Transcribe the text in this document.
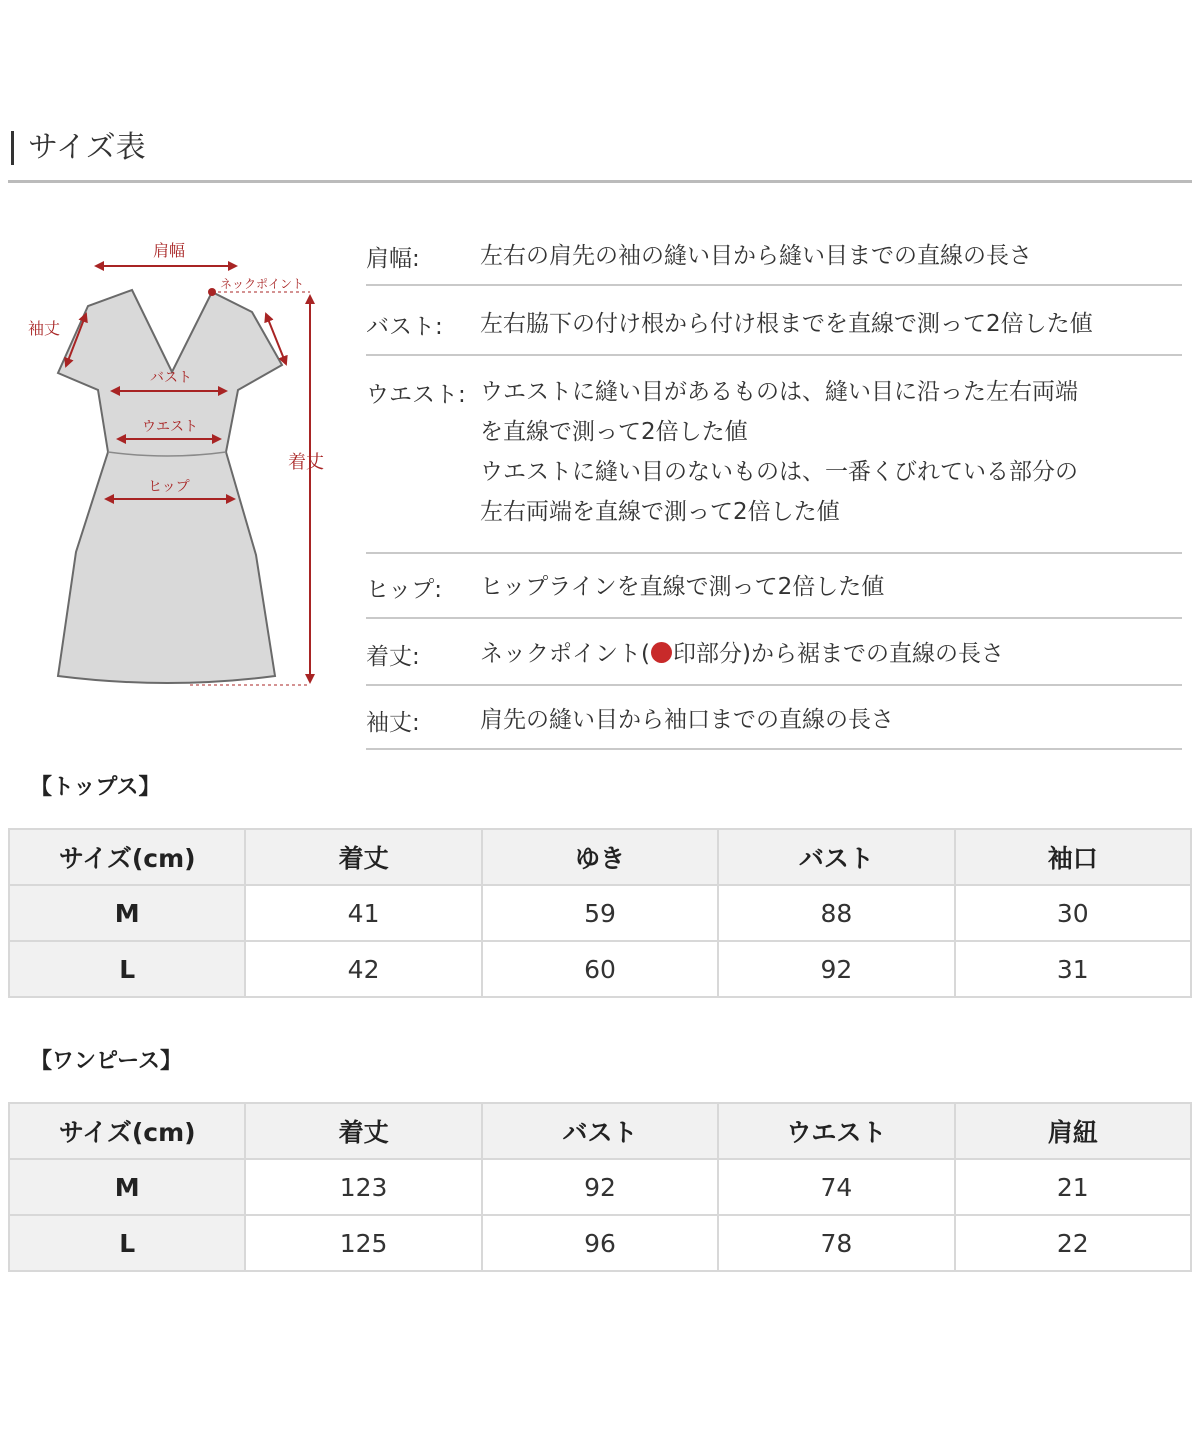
サイズ表
肩幅
ネックポイント
袖丈
バスト
ウエスト
ヒップ
着丈
肩幅:	左右の肩先の袖の縫い目から縫い目までの直線の長さ
バスト: 左右脇下の付け根から付け根までを直線で測って2倍した値
ウエスト: ウエストに縫い目があるものは、縫い目に沿った左右両端
を直線で測って2倍した値
ウエストに縫い目のないものは、一番くびれている部分の
左右両端を直線で測って2倍した値
ヒップ: ヒップラインを直線で測って2倍した値
着丈:	ネックポイント( 印部分)から裾までの直線の長さ
袖丈:	肩先の縫い目から袖口までの直線の長さ
【トップス】
サイズ(cm)	着丈	ゆき	バスト	袖口
M	41	59	88	30
L	42	60	92	31
【ワンピース】
サイズ(cm)	着丈	バスト	ウエスト	肩紐
M	123	92	74	21
L	125	96	78	22
